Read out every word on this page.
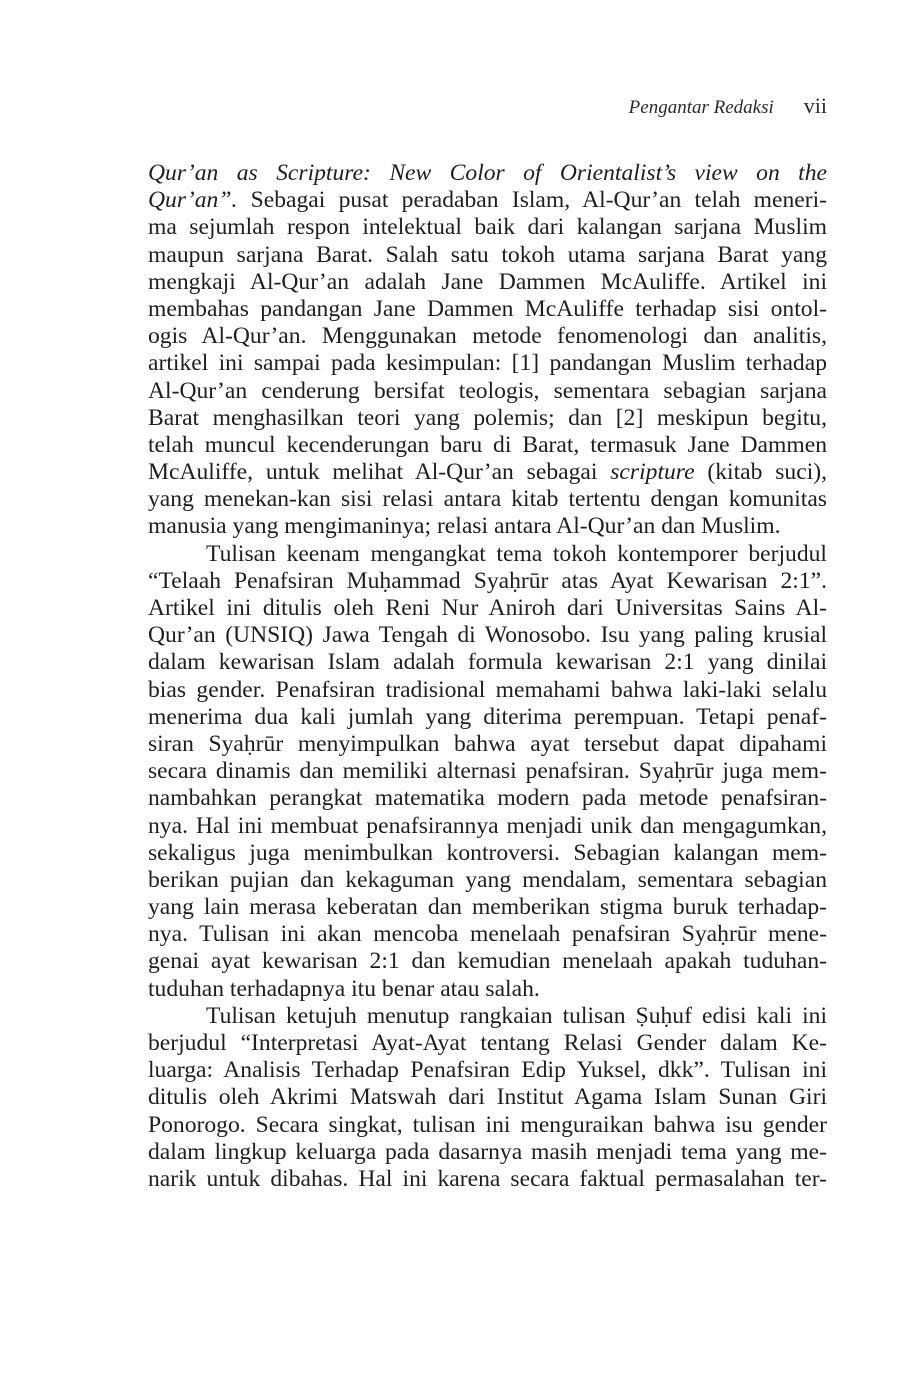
Pengantar Redaksi vii
Qur’an as Scripture: New Color of Orientalist’s view on the
Qur’an”. Sebagai pusat peradaban Islam, Al-Qur’an telah meneri-
ma sejumlah respon intelektual baik dari kalangan sarjana Muslim
maupun sarjana Barat. Salah satu tokoh utama sarjana Barat yang
mengkaji Al-Qur’an adalah Jane Dammen McAuliffe. Artikel ini
membahas pandangan Jane Dammen McAuliffe terhadap sisi ontol-
ogis Al-Qur’an. Menggunakan metode fenomenologi dan analitis,
artikel ini sampai pada kesimpulan: [1] pandangan Muslim terhadap
Al-Qur’an cenderung bersifat teologis, sementara sebagian sarjana
Barat menghasilkan teori yang polemis; dan [2] meskipun begitu,
telah muncul kecenderungan baru di Barat, termasuk Jane Dammen
McAuliffe, untuk melihat Al-Qur’an sebagai scripture (kitab suci),
yang menekan-kan sisi relasi antara kitab tertentu dengan komunitas
manusia yang mengimaninya; relasi antara Al-Qur’an dan Muslim.
Tulisan keenam mengangkat tema tokoh kontemporer berjudul
“Telaah Penafsiran Muḥammad Syaḥrūr atas Ayat Kewarisan 2:1”.
Artikel ini ditulis oleh Reni Nur Aniroh dari Universitas Sains Al-
Qur’an (UNSIQ) Jawa Tengah di Wonosobo. Isu yang paling krusial
dalam kewarisan Islam adalah formula kewarisan 2:1 yang dinilai
bias gender. Penafsiran tradisional memahami bahwa laki-laki selalu
menerima dua kali jumlah yang diterima perempuan. Tetapi penaf-
siran Syaḥrūr menyimpulkan bahwa ayat tersebut dapat dipahami
secara dinamis dan memiliki alternasi penafsiran. Syaḥrūr juga mem-
nambahkan perangkat matematika modern pada metode penafsiran-
nya. Hal ini membuat penafsirannya menjadi unik dan mengagumkan,
sekaligus juga menimbulkan kontroversi. Sebagian kalangan mem-
berikan pujian dan kekaguman yang mendalam, sementara sebagian
yang lain merasa keberatan dan memberikan stigma buruk terhadap-
nya. Tulisan ini akan mencoba menelaah penafsiran Syaḥrūr mene-
genai ayat kewarisan 2:1 dan kemudian menelaah apakah tuduhan-
tuduhan terhadapnya itu benar atau salah.
Tulisan ketujuh menutup rangkaian tulisan Ṣuḥuf edisi kali ini
berjudul “Interpretasi Ayat-Ayat tentang Relasi Gender dalam Ke-
luarga: Analisis Terhadap Penafsiran Edip Yuksel, dkk”. Tulisan ini
ditulis oleh Akrimi Matswah dari Institut Agama Islam Sunan Giri
Ponorogo. Secara singkat, tulisan ini menguraikan bahwa isu gender
dalam lingkup keluarga pada dasarnya masih menjadi tema yang me-
narik untuk dibahas. Hal ini karena secara faktual permasalahan ter-
